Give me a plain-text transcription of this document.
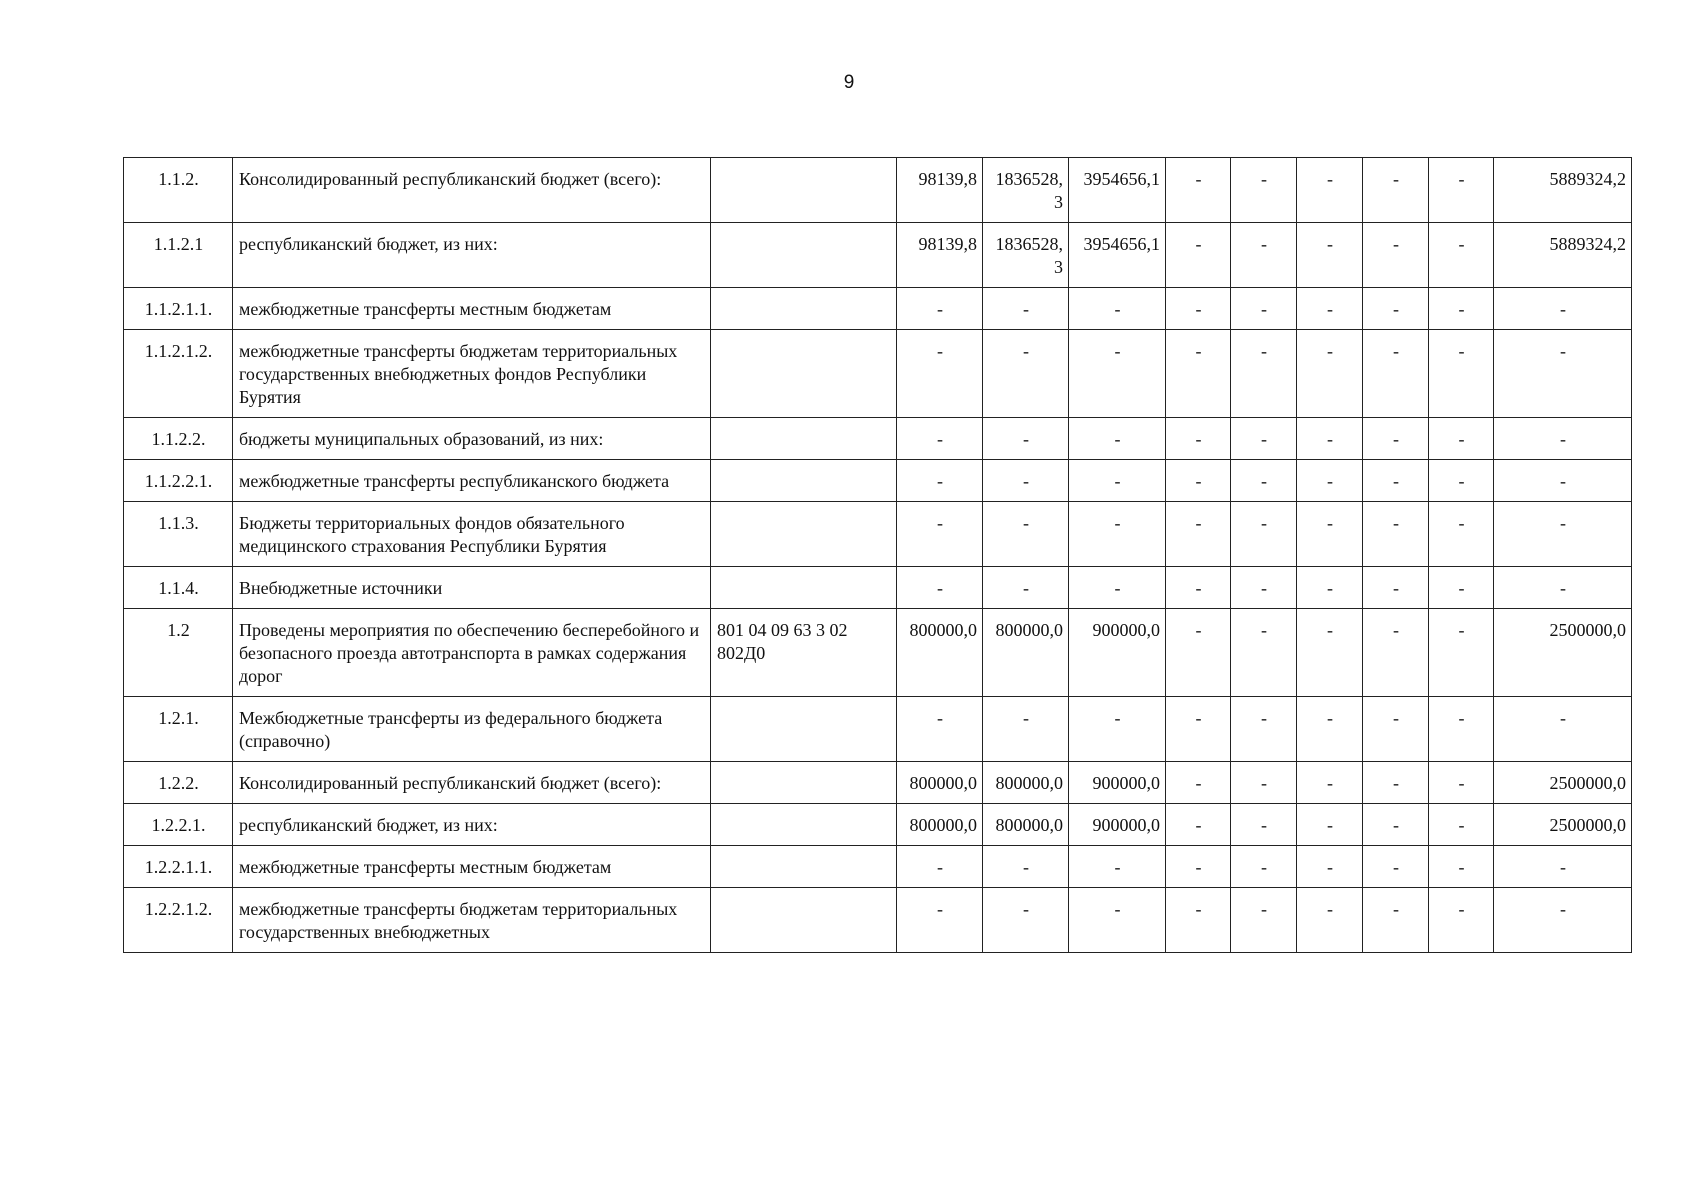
9
1.1.2.	Консолидированный республиканский бюджет (всего):		98139,8	1836528,3	3954656,1	-	-	-	-	-	5889324,2
1.1.2.1	республиканский бюджет, из них:		98139,8	1836528,3	3954656,1	-	-	-	-	-	5889324,2
1.1.2.1.1.	межбюджетные трансферты местным бюджетам		-	-	-	-	-	-	-	-	-
1.1.2.1.2.	межбюджетные трансферты бюджетам территориальных государственных внебюджетных фондов Республики Бурятия		-	-	-	-	-	-	-	-	-
1.1.2.2.	бюджеты муниципальных образований, из них:		-	-	-	-	-	-	-	-	-
1.1.2.2.1.	межбюджетные трансферты республиканского бюджета		-	-	-	-	-	-	-	-	-
1.1.3.	Бюджеты территориальных фондов обязательного медицинского страхования Республики Бурятия		-	-	-	-	-	-	-	-	-
1.1.4.	Внебюджетные источники		-	-	-	-	-	-	-	-	-
1.2	Проведены мероприятия по обеспечению бесперебойного и безопасного проезда автотранспорта в рамках содержания дорог	801 04 09 63 3 02 802Д0	800000,0	800000,0	900000,0	-	-	-	-	-	2500000,0
1.2.1.	Межбюджетные трансферты из федерального бюджета (справочно)		-	-	-	-	-	-	-	-	-
1.2.2.	Консолидированный республиканский бюджет (всего):		800000,0	800000,0	900000,0	-	-	-	-	-	2500000,0
1.2.2.1.	республиканский бюджет, из них:		800000,0	800000,0	900000,0	-	-	-	-	-	2500000,0
1.2.2.1.1.	межбюджетные трансферты местным бюджетам		-	-	-	-	-	-	-	-	-
1.2.2.1.2.	межбюджетные трансферты бюджетам территориальных государственных внебюджетных		-	-	-	-	-	-	-	-	-
